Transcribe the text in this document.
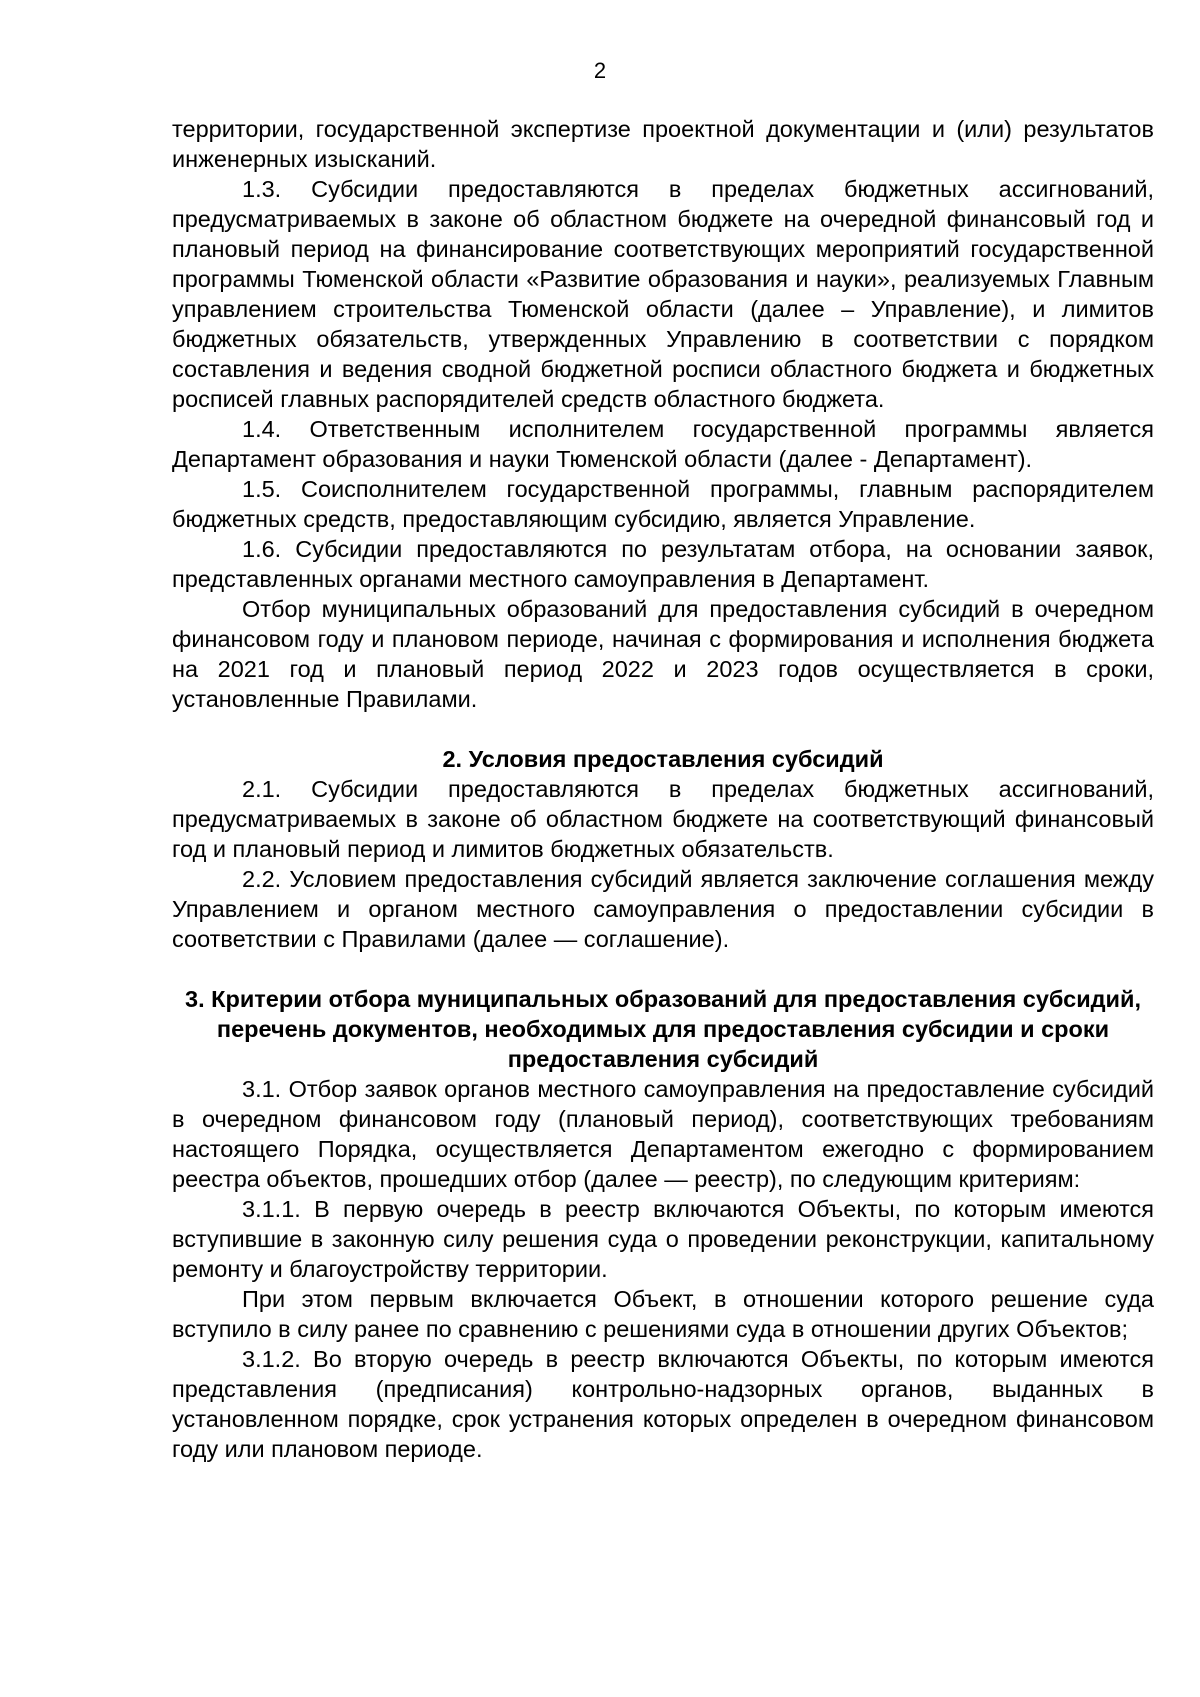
2

территории, государственной экспертизе проектной документации и (или) результатов инженерных изысканий.

1.3. Субсидии предоставляются в пределах бюджетных ассигнований, предусматриваемых в законе об областном бюджете на очередной финансовый год и плановый период на финансирование соответствующих мероприятий государственной программы Тюменской области «Развитие образования и науки», реализуемых Главным управлением строительства Тюменской области (далее – Управление), и лимитов бюджетных обязательств, утвержденных Управлению в соответствии с порядком составления и ведения сводной бюджетной росписи областного бюджета и бюджетных росписей главных распорядителей средств областного бюджета.

1.4. Ответственным исполнителем государственной программы является Департамент образования и науки Тюменской области (далее - Департамент).

1.5. Соисполнителем государственной программы, главным распорядителем бюджетных средств, предоставляющим субсидию, является Управление.

1.6. Субсидии предоставляются по результатам отбора, на основании заявок, представленных органами местного самоуправления в Департамент.

Отбор муниципальных образований для предоставления субсидий в очередном финансовом году и плановом периоде, начиная с формирования и исполнения бюджета на 2021 год и плановый период 2022 и 2023 годов осуществляется в сроки, установленные Правилами.

2. Условия предоставления субсидий

2.1. Субсидии предоставляются в пределах бюджетных ассигнований, предусматриваемых в законе об областном бюджете на соответствующий финансовый год и плановый период и лимитов бюджетных обязательств.

2.2. Условием предоставления субсидий является заключение соглашения между Управлением и органом местного самоуправления о предоставлении субсидии в соответствии с Правилами (далее — соглашение).

3. Критерии отбора муниципальных образований для предоставления субсидий, перечень документов, необходимых для предоставления субсидии и сроки предоставления субсидий

3.1. Отбор заявок органов местного самоуправления на предоставление субсидий в очередном финансовом году (плановый период), соответствующих требованиям настоящего Порядка, осуществляется Департаментом ежегодно с формированием реестра объектов, прошедших отбор (далее — реестр), по следующим критериям:

3.1.1. В первую очередь в реестр включаются Объекты, по которым имеются вступившие в законную силу решения суда о проведении реконструкции, капитальному ремонту и благоустройству территории.

При этом первым включается Объект, в отношении которого решение суда вступило в силу ранее по сравнению с решениями суда в отношении других Объектов;

3.1.2. Во вторую очередь в реестр включаются Объекты, по которым имеются представления (предписания) контрольно-надзорных органов, выданных в установленном порядке, срок устранения которых определен в очередном финансовом году или плановом периоде.
